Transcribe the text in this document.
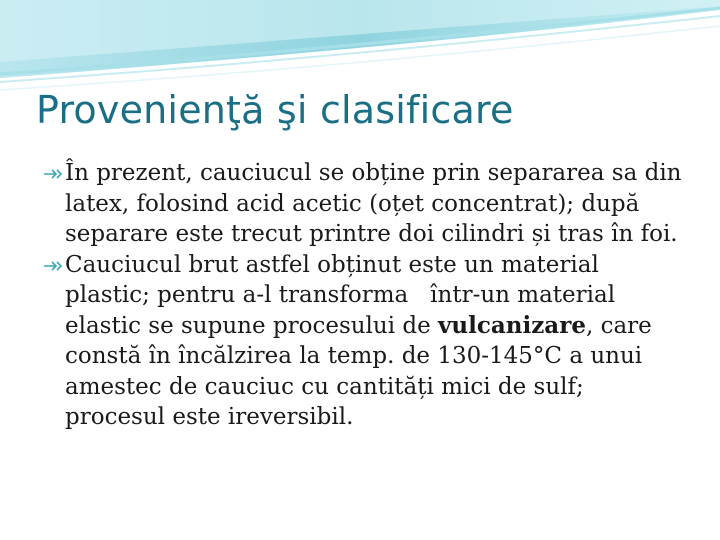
Provenienţă şi clasificare

În prezent, cauciucul se obține prin separarea sa din latex, folosind acid acetic (oțet concentrat); după separare este trecut printre doi cilindri și tras în foi.

Cauciucul brut astfel obținut este un material plastic; pentru a-l transforma   într-un material elastic se supune procesului de vulcanizare, care constă în încălzirea la temp. de 130-145°C a unui amestec de cauciuc cu cantități mici de sulf; procesul este ireversibil.
